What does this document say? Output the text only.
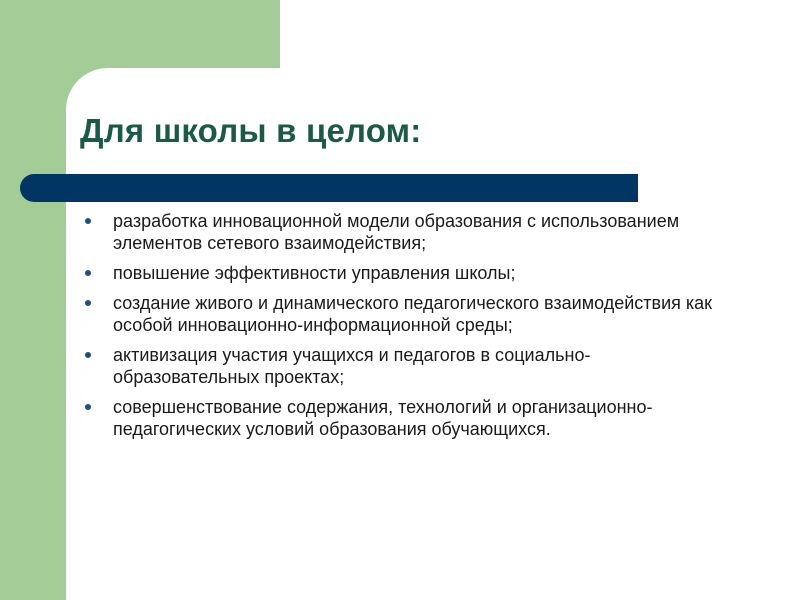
Для школы в целом:
разработка инновационной модели образования с использованием элементов сетевого взаимодействия;
повышение эффективности управления школы;
создание живого и динамического педагогического взаимодействия как особой инновационно-информационной среды;
активизация участия учащихся и педагогов в социально-образовательных проектах;
совершенствование содержания, технологий и организационно-педагогических условий образования обучающихся.
